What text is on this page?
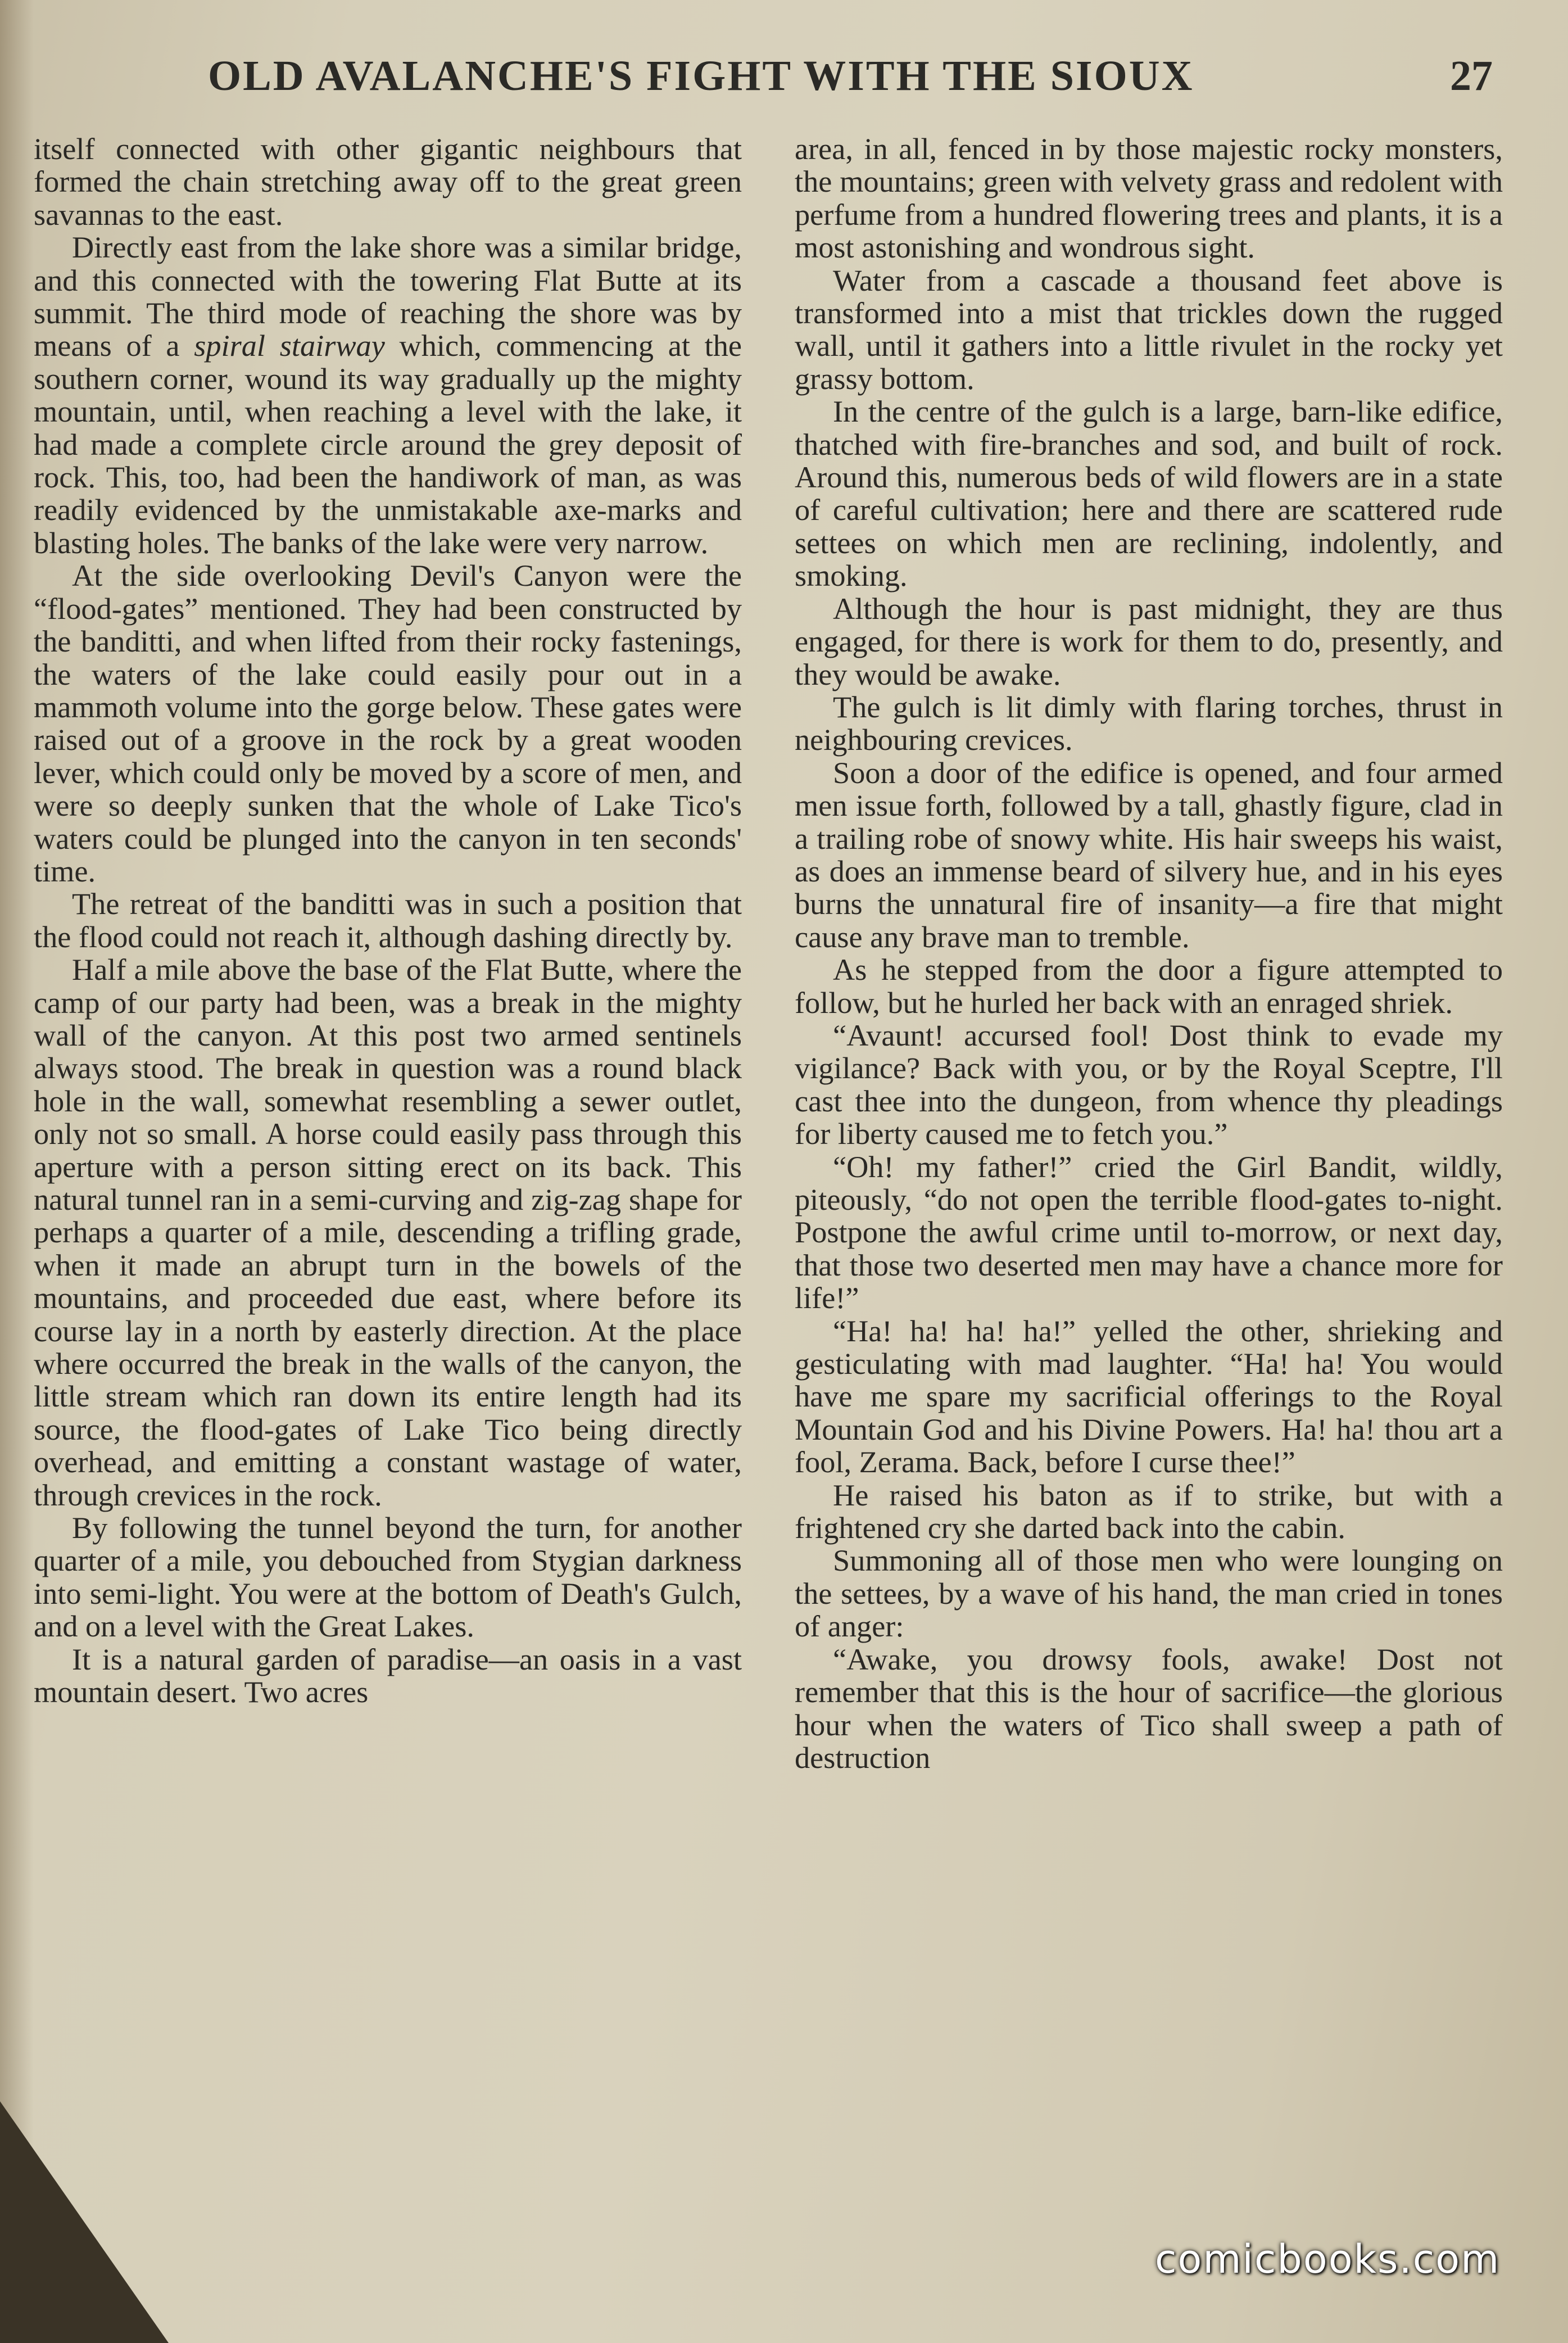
OLD AVALANCHE'S FIGHT WITH THE SIOUX	27

itself connected with other gigantic neighbours that formed the chain stretching away off to the great green savannas to the east.

Directly east from the lake shore was a similar bridge, and this connected with the towering Flat Butte at its summit. The third mode of reaching the shore was by means of a spiral stairway which, commencing at the southern corner, wound its way gradually up the mighty mountain, until, when reaching a level with the lake, it had made a complete circle around the grey deposit of rock. This, too, had been the handiwork of man, as was readily evidenced by the unmistakable axe-marks and blasting holes. The banks of the lake were very narrow.

At the side overlooking Devil's Canyon were the “flood-gates” mentioned. They had been constructed by the banditti, and when lifted from their rocky fastenings, the waters of the lake could easily pour out in a mammoth volume into the gorge below. These gates were raised out of a groove in the rock by a great wooden lever, which could only be moved by a score of men, and were so deeply sunken that the whole of Lake Tico's waters could be plunged into the canyon in ten seconds' time.

The retreat of the banditti was in such a position that the flood could not reach it, although dashing directly by.

Half a mile above the base of the Flat Butte, where the camp of our party had been, was a break in the mighty wall of the canyon. At this post two armed sentinels always stood. The break in question was a round black hole in the wall, somewhat resembling a sewer outlet, only not so small. A horse could easily pass through this aperture with a person sitting erect on its back. This natural tunnel ran in a semi-curving and zig-zag shape for perhaps a quarter of a mile, descending a trifling grade, when it made an abrupt turn in the bowels of the mountains, and proceeded due east, where before its course lay in a north by easterly direction. At the place where occurred the break in the walls of the canyon, the little stream which ran down its entire length had its source, the flood-gates of Lake Tico being directly overhead, and emitting a constant wastage of water, through crevices in the rock.

By following the tunnel beyond the turn, for another quarter of a mile, you debouched from Stygian darkness into semi-light. You were at the bottom of Death's Gulch, and on a level with the Great Lakes.

It is a natural garden of paradise—an oasis in a vast mountain desert. Two acres

area, in all, fenced in by those majestic rocky monsters, the mountains; green with velvety grass and redolent with perfume from a hundred flowering trees and plants, it is a most astonishing and wondrous sight.

Water from a cascade a thousand feet above is transformed into a mist that trickles down the rugged wall, until it gathers into a little rivulet in the rocky yet grassy bottom.

In the centre of the gulch is a large, barn-like edifice, thatched with fire-branches and sod, and built of rock. Around this, numerous beds of wild flowers are in a state of careful cultivation; here and there are scattered rude settees on which men are reclining, indolently, and smoking.

Although the hour is past midnight, they are thus engaged, for there is work for them to do, presently, and they would be awake.

The gulch is lit dimly with flaring torches, thrust in neighbouring crevices.

Soon a door of the edifice is opened, and four armed men issue forth, followed by a tall, ghastly figure, clad in a trailing robe of snowy white. His hair sweeps his waist, as does an immense beard of silvery hue, and in his eyes burns the unnatural fire of insanity—a fire that might cause any brave man to tremble.

As he stepped from the door a figure attempted to follow, but he hurled her back with an enraged shriek.

“Avaunt! accursed fool! Dost think to evade my vigilance? Back with you, or by the Royal Sceptre, I'll cast thee into the dungeon, from whence thy pleadings for liberty caused me to fetch you.”

“Oh! my father!” cried the Girl Bandit, wildly, piteously, “do not open the terrible flood-gates to-night. Postpone the awful crime until to-morrow, or next day, that those two deserted men may have a chance more for life!”

“Ha! ha! ha! ha!” yelled the other, shrieking and gesticulating with mad laughter. “Ha! ha! You would have me spare my sacrificial offerings to the Royal Mountain God and his Divine Powers. Ha! ha! thou art a fool, Zerama. Back, before I curse thee!”

He raised his baton as if to strike, but with a frightened cry she darted back into the cabin.

Summoning all of those men who were lounging on the settees, by a wave of his hand, the man cried in tones of anger:

“Awake, you drowsy fools, awake! Dost not remember that this is the hour of sacrifice—the glorious hour when the waters of Tico shall sweep a path of destruction

comicbooks.com
